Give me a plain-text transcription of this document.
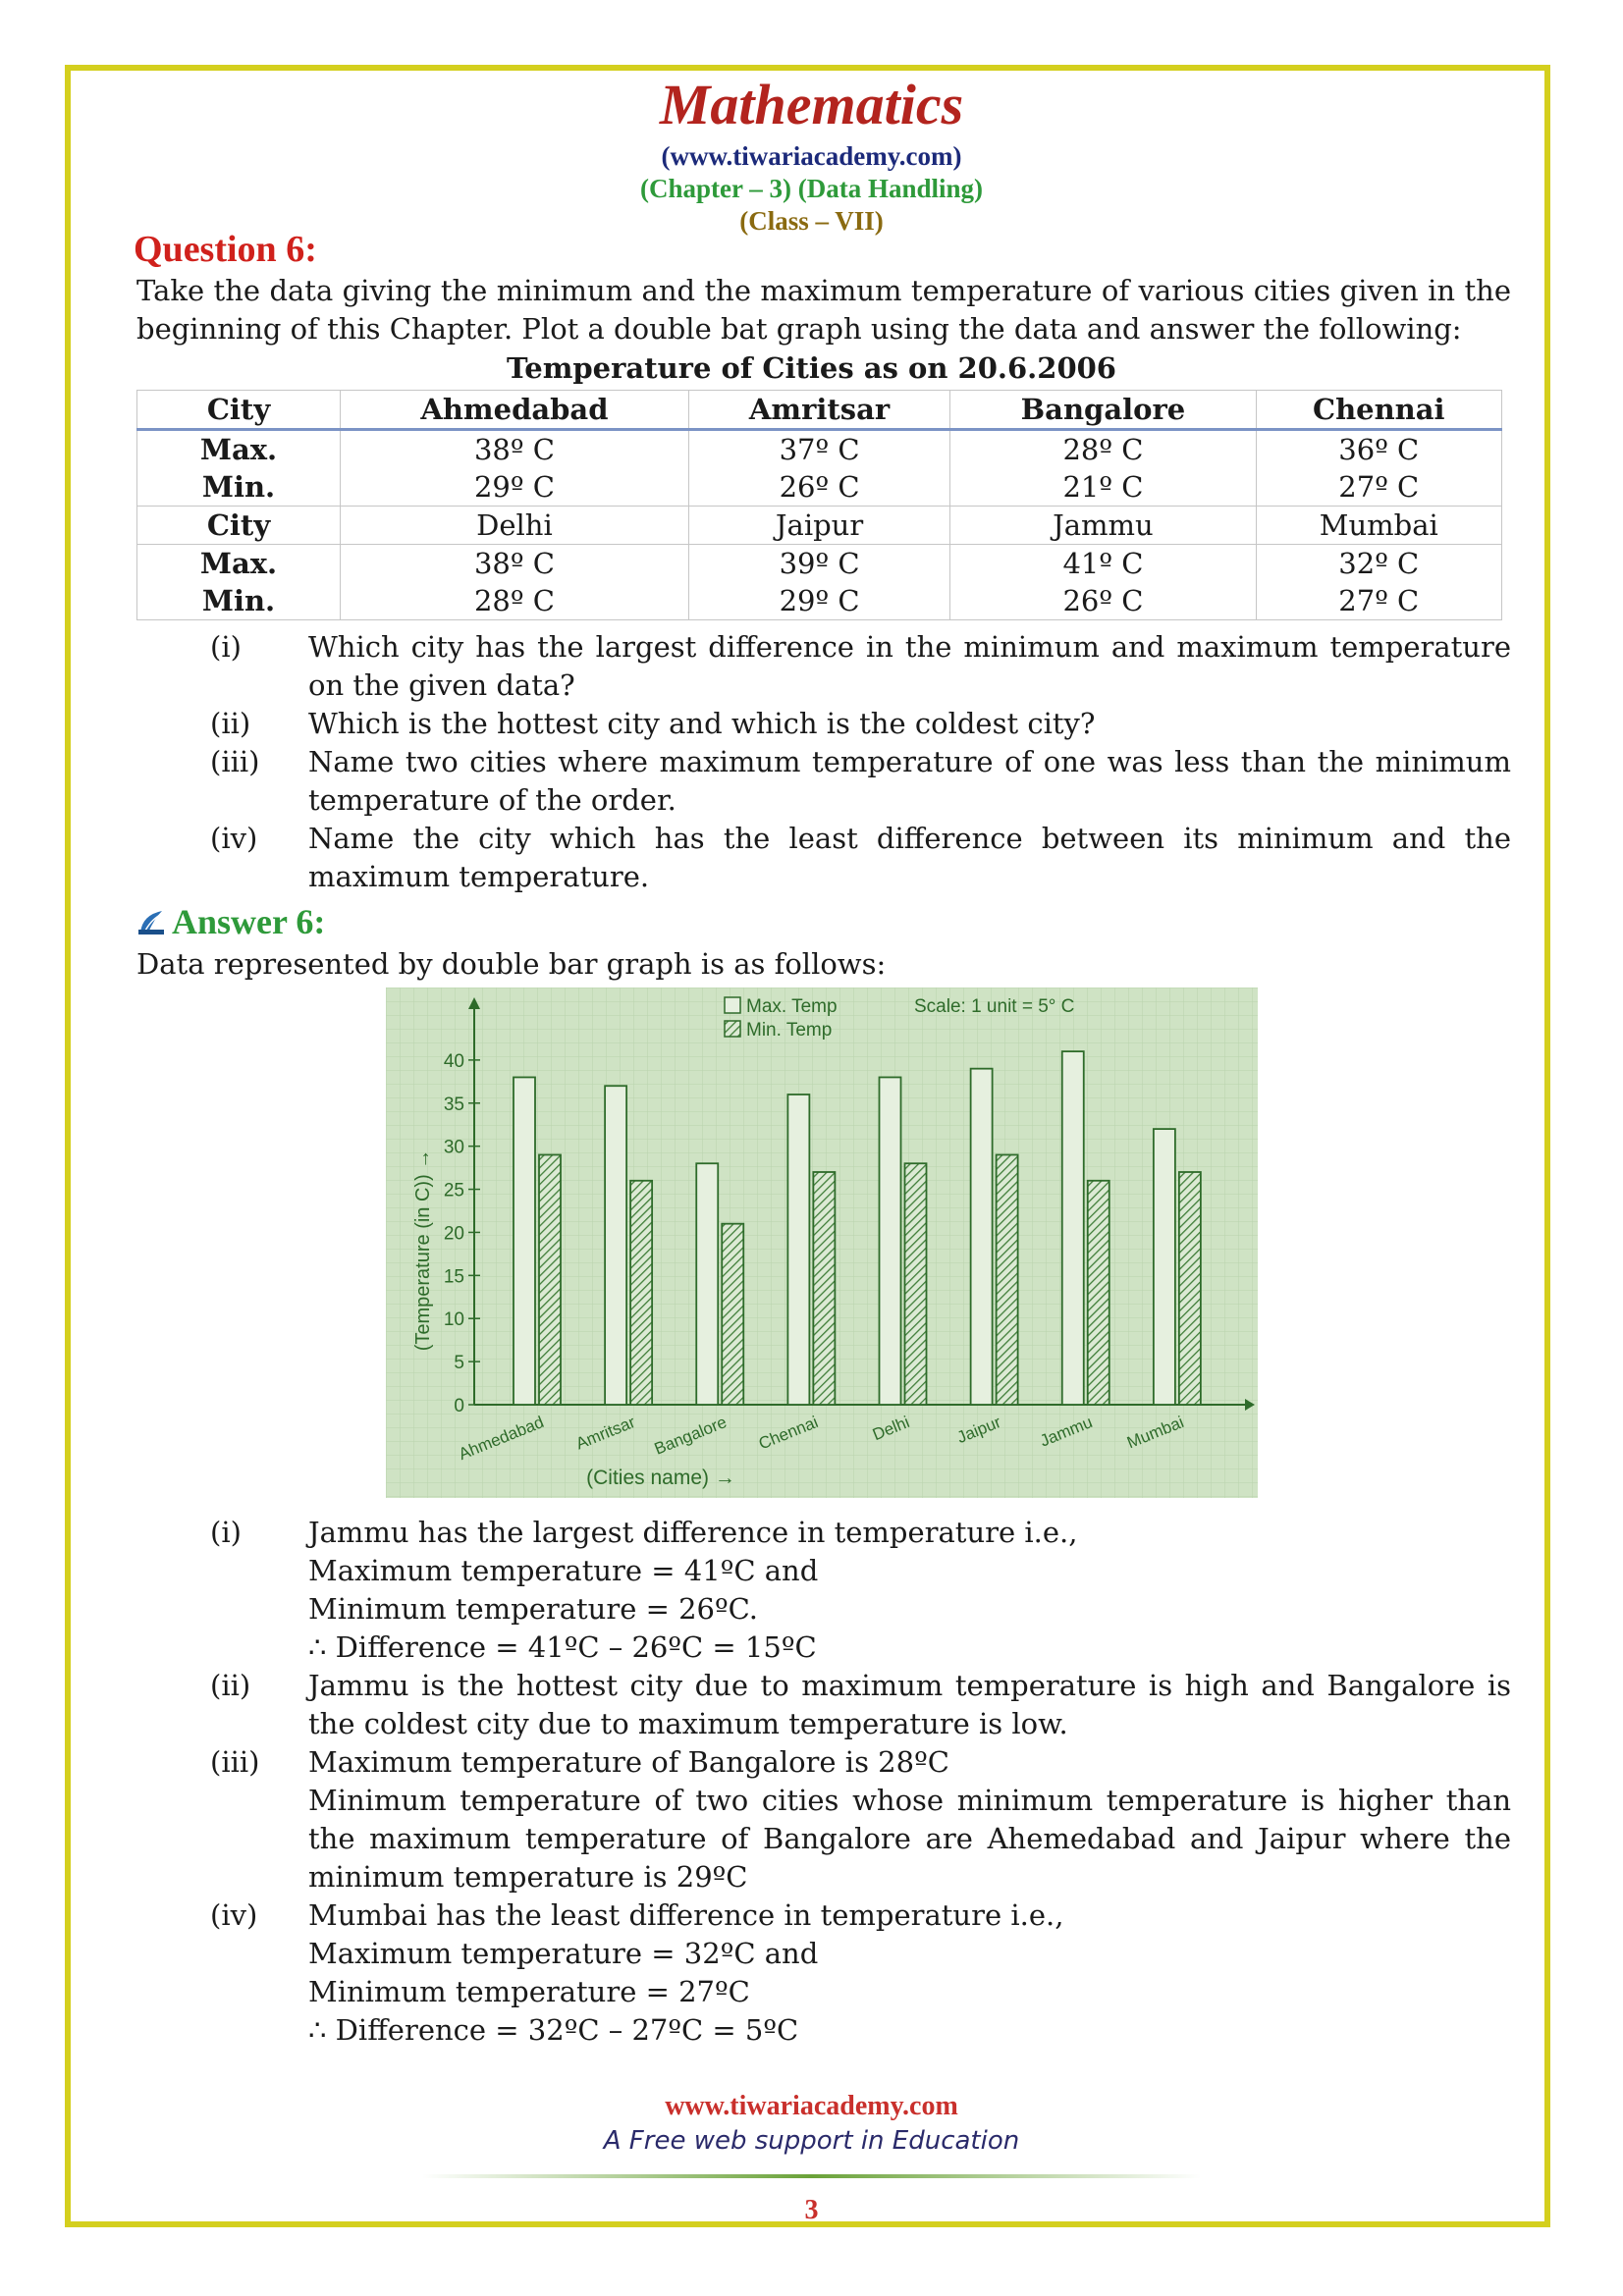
Mathematics
(www.tiwariacademy.com)
(Chapter – 3) (Data Handling)
(Class – VII)
Question 6:
Take the data giving the minimum and the maximum temperature of various cities given in the beginning of this Chapter. Plot a double bat graph using the data and answer the following:
Temperature of Cities as on 20.6.2006
City	Ahmedabad	Amritsar	Bangalore	Chennai
Max.	38º C	37º C	28º C	36º C
Min.	29º C	26º C	21º C	27º C
City	Delhi	Jaipur	Jammu	Mumbai
Max.	38º C	39º C	41º C	32º C
Min.	28º C	29º C	26º C	27º C
(i) Which city has the largest difference in the minimum and maximum temperature on the given data?
(ii) Which is the hottest city and which is the coldest city?
(iii) Name two cities where maximum temperature of one was less than the minimum temperature of the order.
(iv) Name the city which has the least difference between its minimum and the maximum temperature.
Answer 6:
Data represented by double bar graph is as follows:
0
5
10
15
20
25
30
35
40
(Temperature (in C)) →
Ahmedabad Amritsar Bangalore Chennai	Delhi	Jaipur Jammu Mumbai
(Cities name) →
Max. Temp
Min. Temp
Scale: 1 unit = 5° C
(i) Jammu has the largest difference in temperature i.e.,
Maximum temperature = 41ºC and
Minimum temperature = 26ºC.
∴ Difference = 41ºC – 26ºC = 15ºC
(ii) Jammu is the hottest city due to maximum temperature is high and Bangalore is the coldest city due to maximum temperature is low.
(iii) Maximum temperature of Bangalore is 28ºC
Minimum temperature of two cities whose minimum temperature is higher than the maximum temperature of Bangalore are Ahemedabad and Jaipur where the minimum temperature is 29ºC
(iv) Mumbai has the least difference in temperature i.e.,
Maximum temperature = 32ºC and
Minimum temperature = 27ºC
∴ Difference = 32ºC – 27ºC = 5ºC
www.tiwariacademy.com
A Free web support in Education
3
